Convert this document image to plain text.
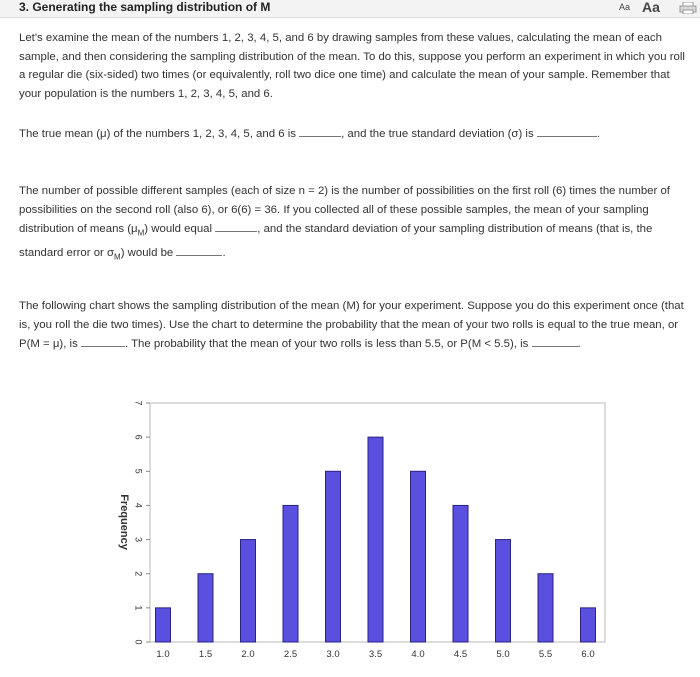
3. Generating the sampling distribution of M	Aa Aa

Let's examine the mean of the numbers 1, 2, 3, 4, 5, and 6 by drawing samples from these values, calculating the mean of each sample, and then considering the sampling distribution of the mean. To do this, suppose you perform an experiment in which you roll a regular die (six-sided) two times (or equivalently, roll two dice one time) and calculate the mean of your sample. Remember that your population is the numbers 1, 2, 3, 4, 5, and 6.

The true mean (μ) of the numbers 1, 2, 3, 4, 5, and 6 is	, and the true standard deviation (σ) is	.

The number of possible different samples (each of size n = 2) is the number of possibilities on the first roll (6) times the number of possibilities on the second roll (also 6), or 6(6) = 36. If you collected all of these possible samples, the mean of your sampling distribution of means $(\mu_M)$ would equal	, and the standard deviation of your sampling distribution of means (that is, the standard error or $\sigma_M$) would be	.

The following chart shows the sampling distribution of the mean (M) for your experiment. Suppose you do this experiment once (that is, you roll the die two times). Use the chart to determine the probability that the mean of your two rolls is equal to the true mean, or P(M = μ), is	. The probability that the mean of your two rolls is less than 5.5, or P(M < 5.5), is	.

0
1
2
3
4
5
6
7
Frequency
1.0	1.5	2.0	2.5	3.0	3.5	4.0	4.5	5.0	5.5	6.0
